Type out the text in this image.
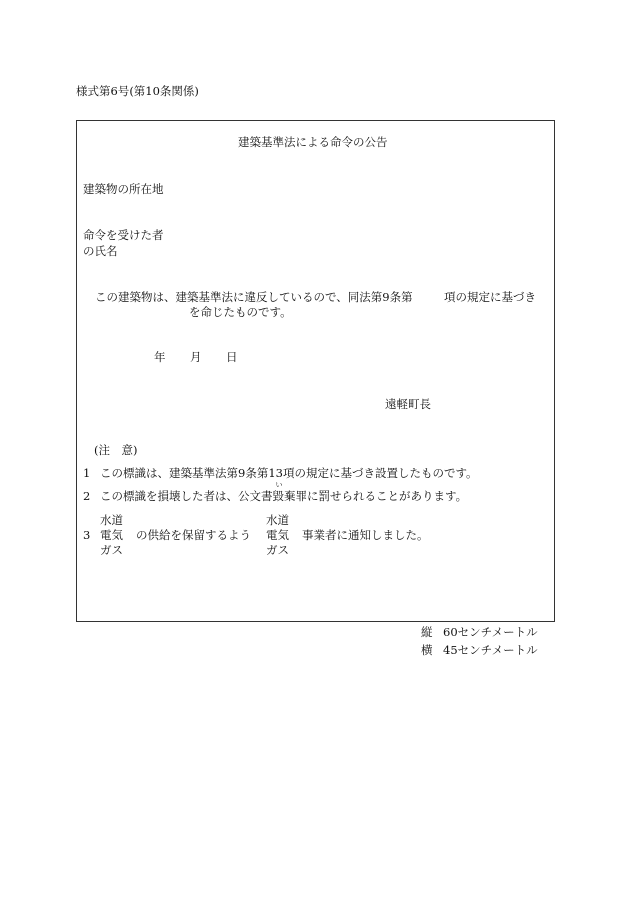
様式第6号(第10条関係)
建築基準法による命令の公告
建築物の所在地
命令を受けた者
の氏名
この建築物は、建築基準法に違反しているので、同法第9条第	項の規定に基づき
を命じたものです。
年 月 日
遠軽町長
(注　意)
1 この標識は、建築基準法第9条第13項の規定に基づき設置したものです。
2 この標識を損壊した者は、公文書
い
毀棄罪に罰せられることがあります。
水道
3 電気 の供給を保留するよう
ガス
水道
電気 事業者に通知しました。
ガス
縦 60センチメートル
横 45センチメートル
